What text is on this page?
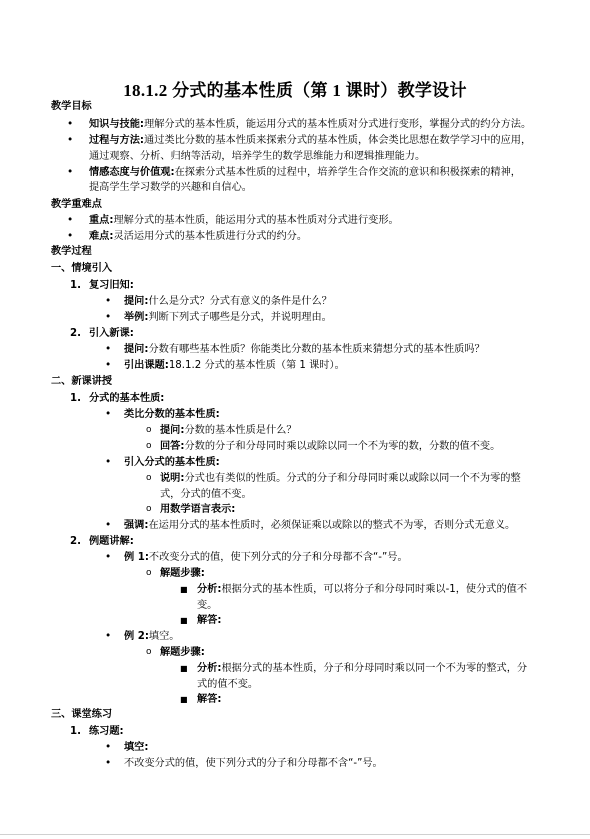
18.1.2 分式的基本性质（第 1 课时）教学设计
教学目标
• 知识与技能:理解分式的基本性质，能运用分式的基本性质对分式进行变形，掌握分式的约分方法。
• 过程与方法:通过类比分数的基本性质来探索分式的基本性质，体会类比思想在数学学习中的应用，
通过观察、分析、归纳等活动，培养学生的数学思维能力和逻辑推理能力。
• 情感态度与价值观:在探索分式基本性质的过程中，培养学生合作交流的意识和积极探索的精神，
提高学生学习数学的兴趣和自信心。
教学重难点
• 重点:理解分式的基本性质，能运用分式的基本性质对分式进行变形。
• 难点:灵活运用分式的基本性质进行分式的约分。
教学过程
一、情境引入
1. 复习旧知:
• 提问:什么是分式？分式有意义的条件是什么？
• 举例:判断下列式子哪些是分式，并说明理由。
2. 引入新课:
• 提问:分数有哪些基本性质？你能类比分数的基本性质来猜想分式的基本性质吗？
• 引出课题:18.1.2 分式的基本性质（第 1 课时）。
二、新课讲授
1. 分式的基本性质:
• 类比分数的基本性质:
o 提问:分数的基本性质是什么？
o 回答:分数的分子和分母同时乘以或除以同一个不为零的数，分数的值不变。
• 引入分式的基本性质:
o 说明:分式也有类似的性质。分式的分子和分母同时乘以或除以同一个不为零的整
式，分式的值不变。
o 用数学语言表示:
• 强调:在运用分式的基本性质时，必须保证乘以或除以的整式不为零，否则分式无意义。
2. 例题讲解:
• 例 1:不改变分式的值，使下列分式的分子和分母都不含“-”号。
o 解题步骤:
■ 分析:根据分式的基本性质，可以将分子和分母同时乘以-1，使分式的值不
变。
■ 解答:
• 例 2:填空。
o 解题步骤:
■ 分析:根据分式的基本性质，分子和分母同时乘以同一个不为零的整式，分
式的值不变。
■ 解答:
三、课堂练习
1. 练习题:
• 填空:
• 不改变分式的值，使下列分式的分子和分母都不含“-”号。
